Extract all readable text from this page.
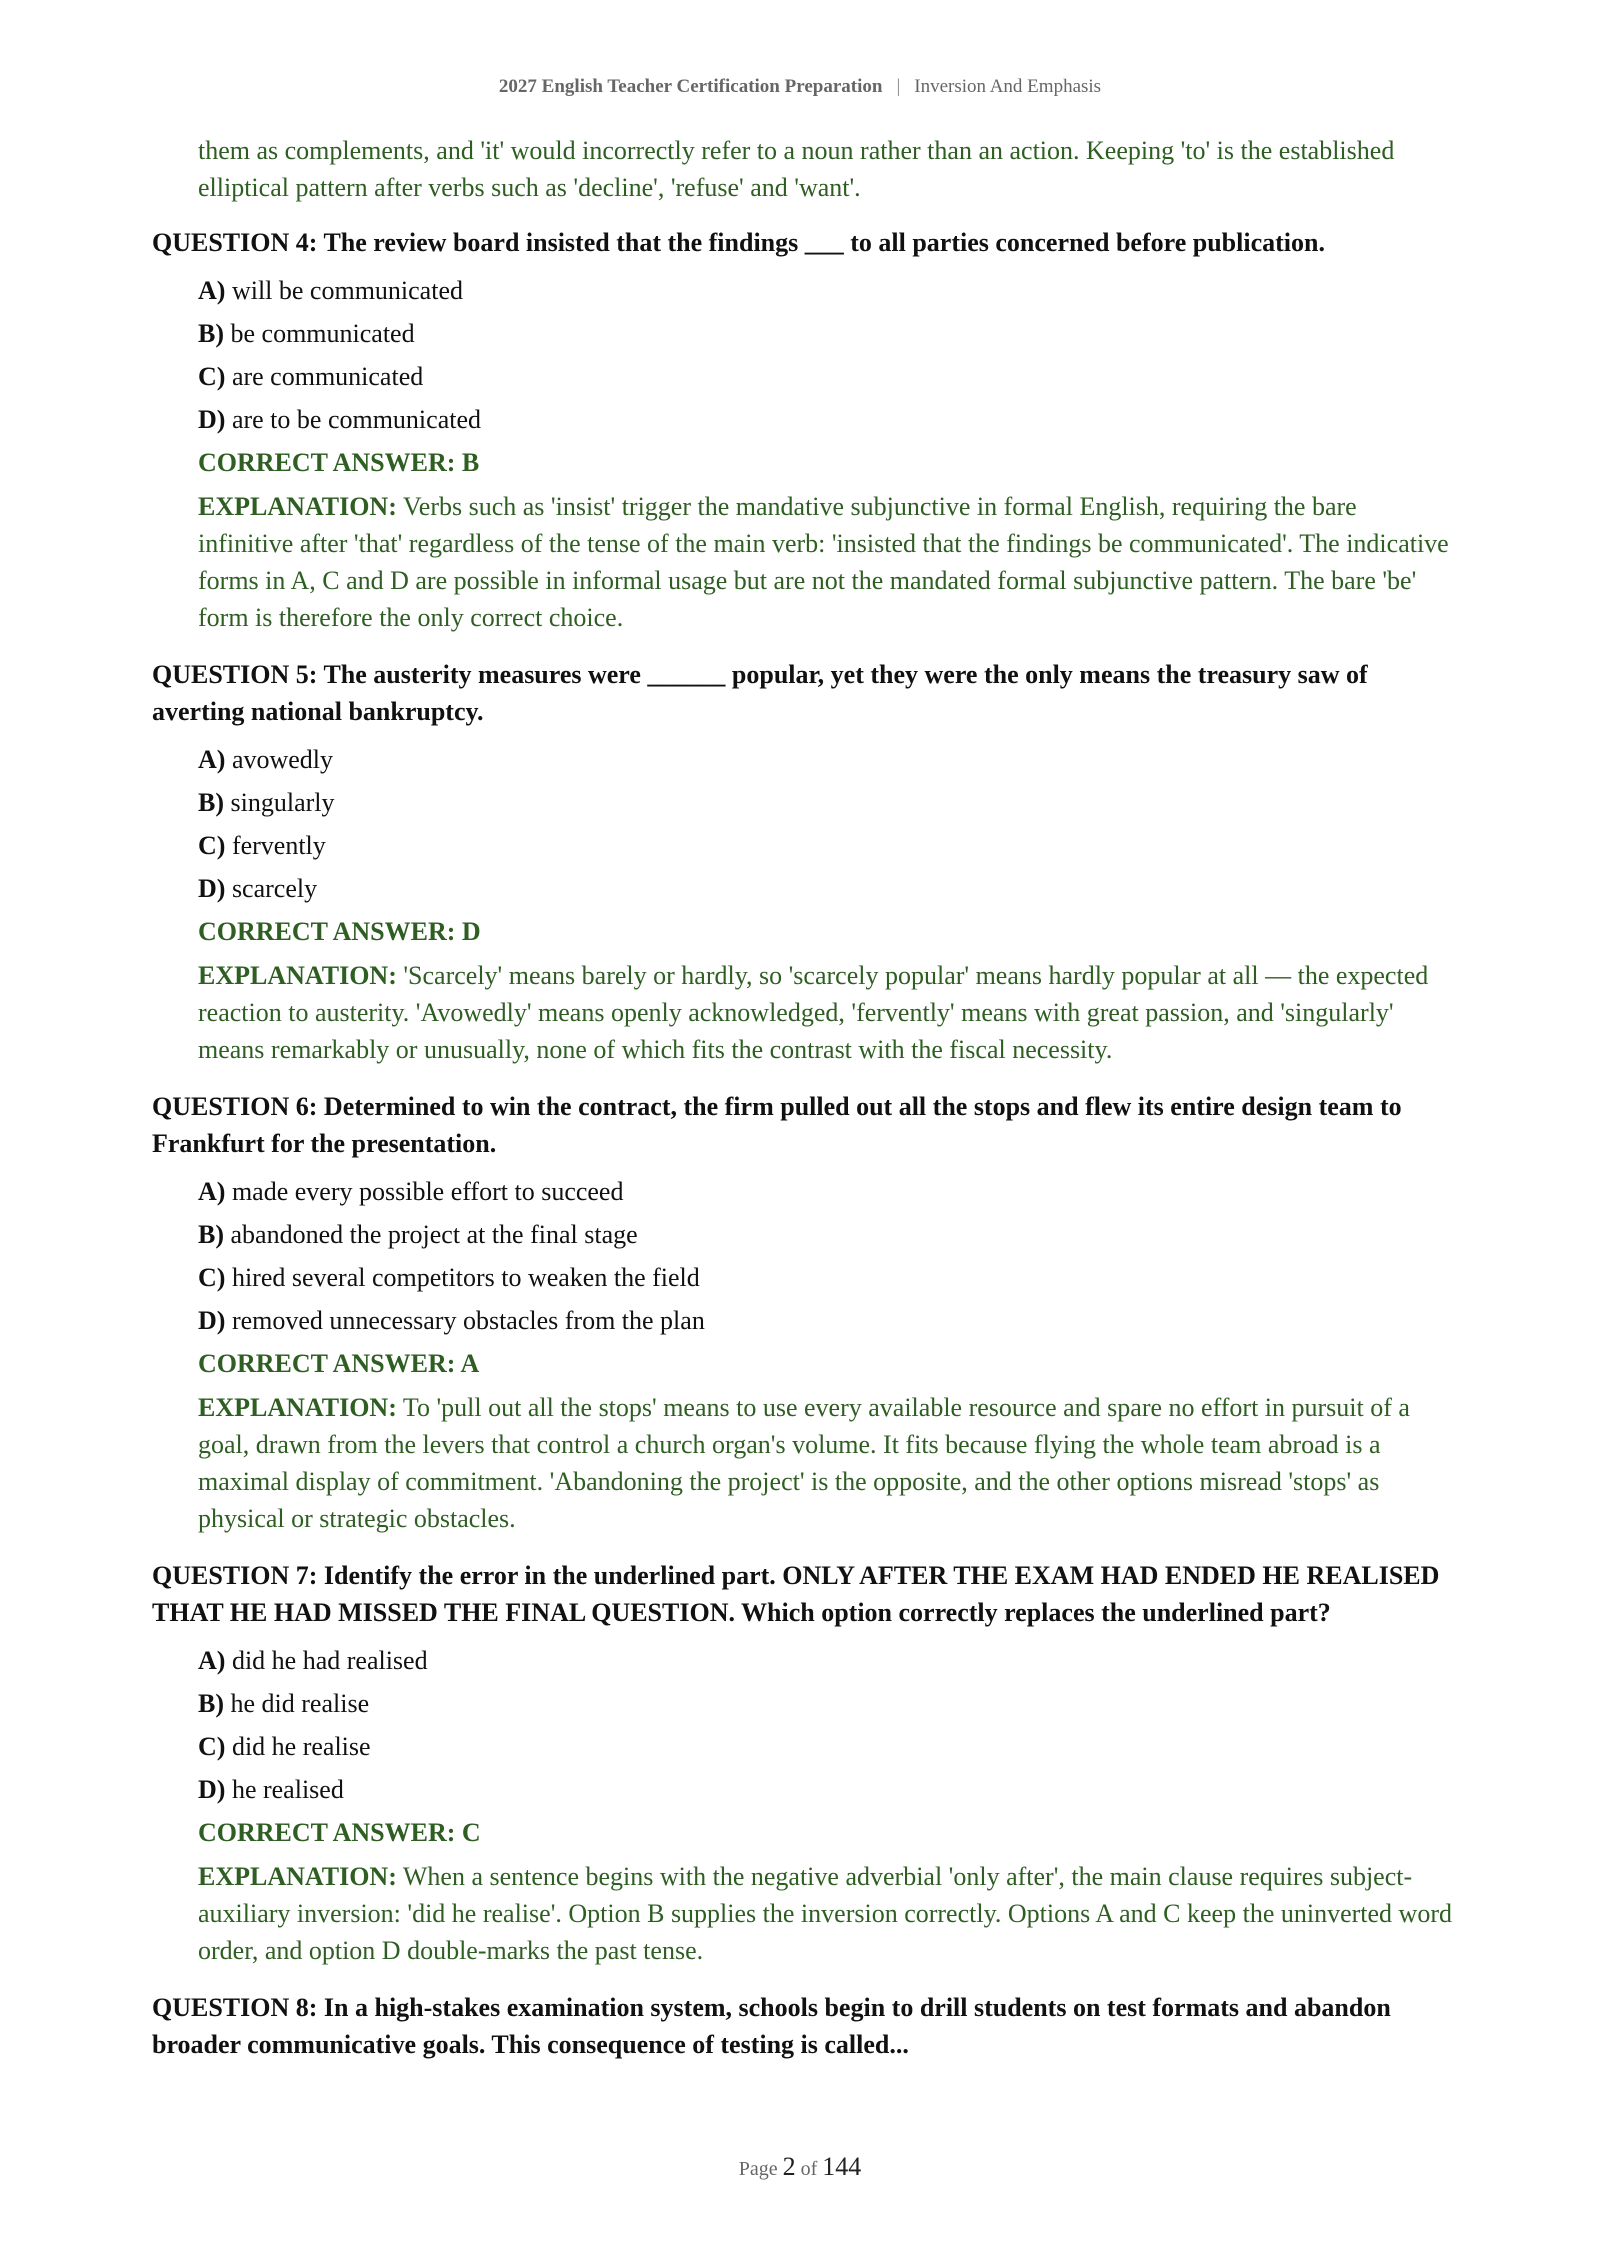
2027 English Teacher Certification Preparation | Inversion And Emphasis

them as complements, and 'it' would incorrectly refer to a noun rather than an action. Keeping 'to' is the established elliptical pattern after verbs such as 'decline', 'refuse' and 'want'.

QUESTION 4: The review board insisted that the findings ___ to all parties concerned before publication.
A) will be communicated
B) be communicated
C) are communicated
D) are to be communicated
CORRECT ANSWER: B

EXPLANATION: Verbs such as 'insist' trigger the mandative subjunctive in formal English, requiring the bare infinitive after 'that' regardless of the tense of the main verb: 'insisted that the findings be communicated'. The indicative forms in A, C and D are possible in informal usage but are not the mandated formal subjunctive pattern. The bare 'be' form is therefore the only correct choice.

QUESTION 5: The austerity measures were ______ popular, yet they were the only means the treasury saw of averting national bankruptcy.
A) avowedly
B) singularly
C) fervently
D) scarcely
CORRECT ANSWER: D

EXPLANATION: 'Scarcely' means barely or hardly, so 'scarcely popular' means hardly popular at all — the expected reaction to austerity. 'Avowedly' means openly acknowledged, 'fervently' means with great passion, and 'singularly' means remarkably or unusually, none of which fits the contrast with the fiscal necessity.

QUESTION 6: Determined to win the contract, the firm pulled out all the stops and flew its entire design team to Frankfurt for the presentation.
A) made every possible effort to succeed
B) abandoned the project at the final stage
C) hired several competitors to weaken the field
D) removed unnecessary obstacles from the plan
CORRECT ANSWER: A

EXPLANATION: To 'pull out all the stops' means to use every available resource and spare no effort in pursuit of a goal, drawn from the levers that control a church organ's volume. It fits because flying the whole team abroad is a maximal display of commitment. 'Abandoning the project' is the opposite, and the other options misread 'stops' as physical or strategic obstacles.

QUESTION 7: Identify the error in the underlined part. ONLY AFTER THE EXAM HAD ENDED HE REALISED THAT HE HAD MISSED THE FINAL QUESTION. Which option correctly replaces the underlined part?
A) did he had realised
B) he did realise
C) did he realise
D) he realised
CORRECT ANSWER: C

EXPLANATION: When a sentence begins with the negative adverbial 'only after', the main clause requires subject-auxiliary inversion: 'did he realise'. Option B supplies the inversion correctly. Options A and C keep the uninverted word order, and option D double-marks the past tense.

QUESTION 8: In a high-stakes examination system, schools begin to drill students on test formats and abandon broader communicative goals. This consequence of testing is called...
Page 2 of 144
